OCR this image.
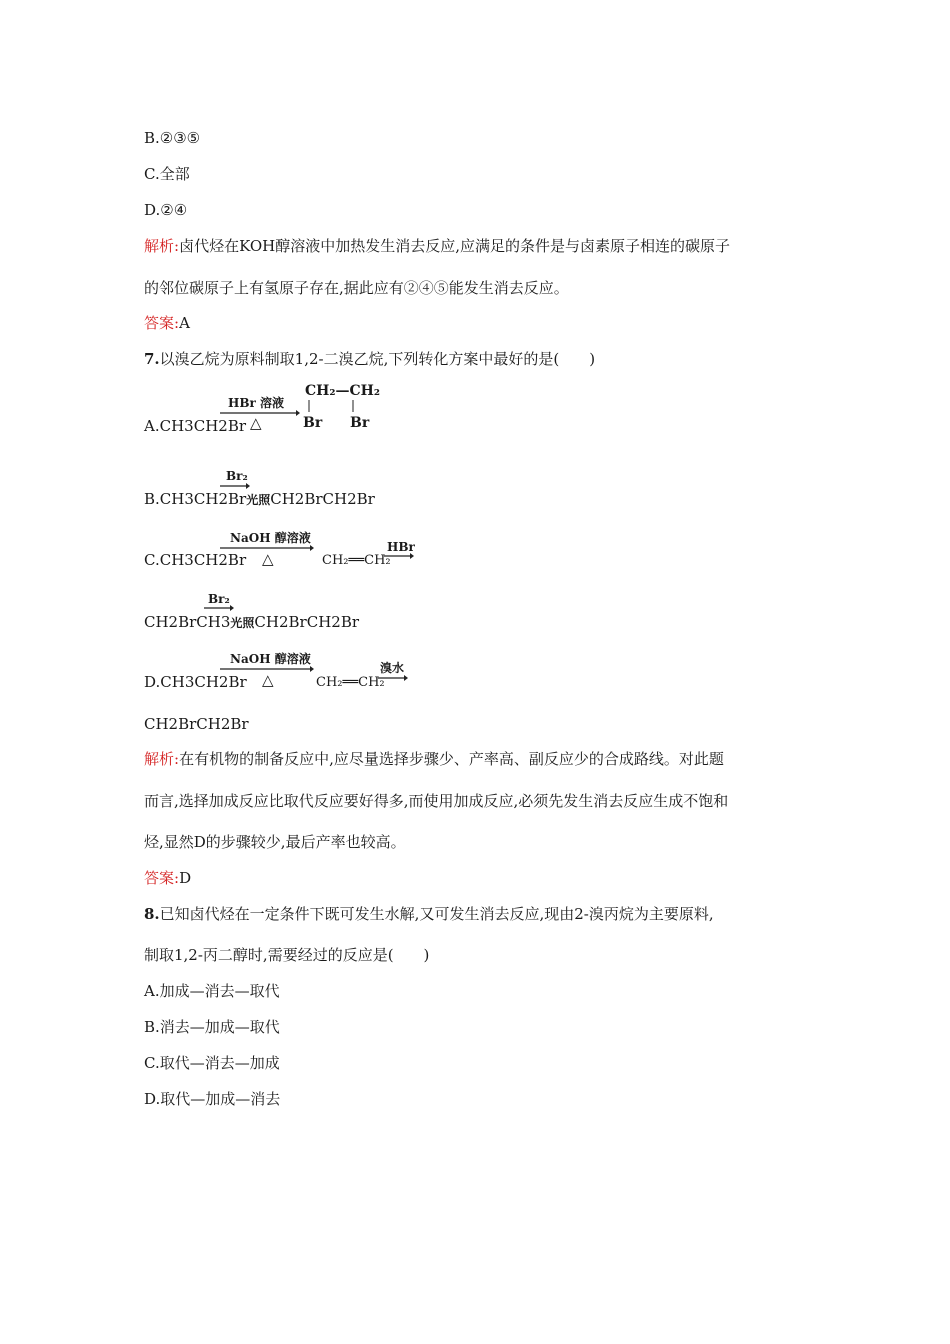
B.②③⑤
C.全部
D.②④
解析:卤代烃在KOH醇溶液中加热发生消去反应,应满足的条件是与卤素原子相连的碳原子
的邻位碳原子上有氢原子存在,据此应有②④⑤能发生消去反应。
答案:A
7.以溴乙烷为原料制取1,2-二溴乙烷,下列转化方案中最好的是(　　)
A.CH3CH2Br
HBr 溶液
△
CH₂—CH₂
Br Br
Br₂
B.CH3CH2Br光照CH2BrCH2Br
NaOH 醇溶液
C.CH3CH2Br △	CH₂══CH₂
HBr
Br₂
CH2BrCH3光照CH2BrCH2Br
NaOH 醇溶液
D.CH3CH2Br △	CH₂══CH₂
溴水
CH2BrCH2Br
解析:在有机物的制备反应中,应尽量选择步骤少、产率高、副反应少的合成路线。对此题
而言,选择加成反应比取代反应要好得多,而使用加成反应,必须先发生消去反应生成不饱和
烃,显然D的步骤较少,最后产率也较高。
答案:D
8.已知卤代烃在一定条件下既可发生水解,又可发生消去反应,现由2-溴丙烷为主要原料,
制取1,2-丙二醇时,需要经过的反应是(　　)
A.加成—消去—取代
B.消去—加成—取代
C.取代—消去—加成
D.取代—加成—消去
